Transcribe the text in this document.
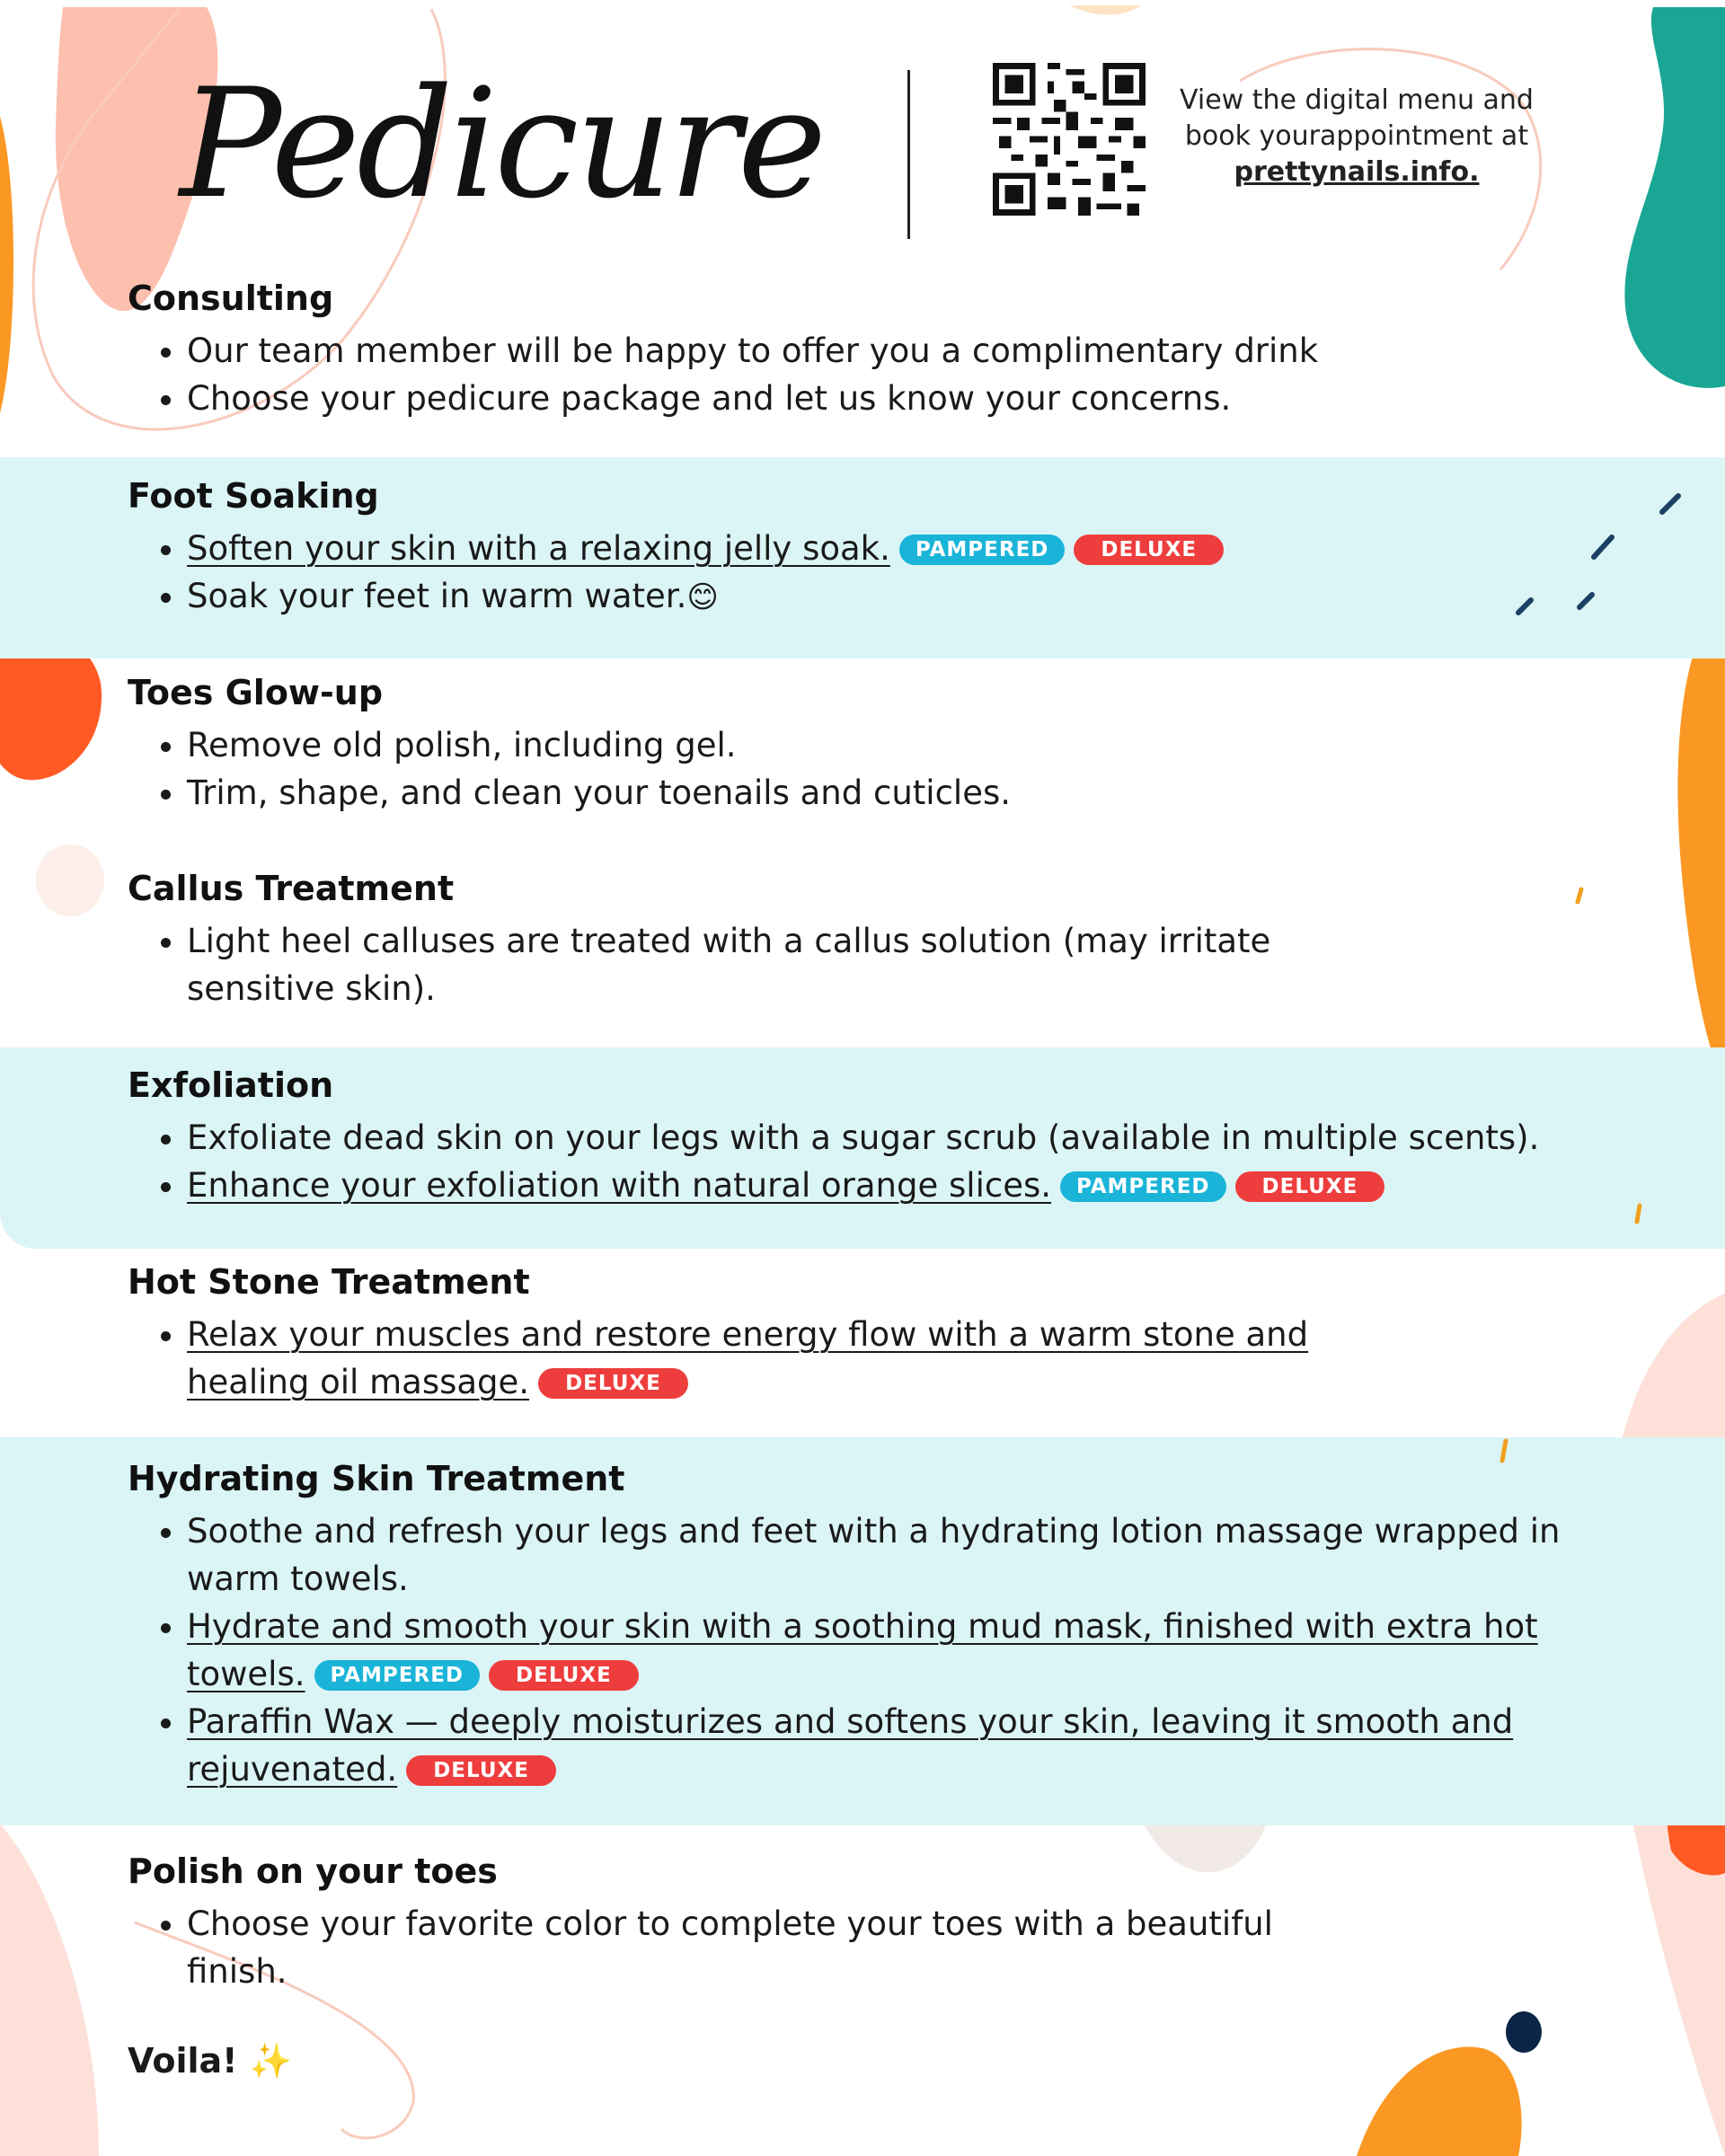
Pedicure	View the digital menu and
book yourappointment at
prettynails.info.
Consulting
• Our team member will be happy to offer you a complimentary drink
• Choose your pedicure package and let us know your concerns.
Foot Soaking
• Soften your skin with a relaxing jelly soak. PAMPERED	DELUXE
• Soak your feet in warm water.😊
Toes Glow-up
• Remove old polish, including gel.
• Trim, shape, and clean your toenails and cuticles.
Callus Treatment
• Light heel calluses are treated with a callus solution (may irritate sensitive skin).
Exfoliation
• Exfoliate dead skin on your legs with a sugar scrub (available in multiple scents).
• Enhance your exfoliation with natural orange slices. PAMPERED	DELUXE
Hot Stone Treatment
• Relax your muscles and restore energy flow with a warm stone and healing oil massage. DELUXE
Hydrating Skin Treatment
• Soothe and refresh your legs and feet with a hydrating lotion massage wrapped in warm towels.
• Hydrate and smooth your skin with a soothing mud mask, finished with extra hot towels. PAMPERED	DELUXE
• Paraffin Wax — deeply moisturizes and softens your skin, leaving it smooth and rejuvenated. DELUXE
Polish on your toes
• Choose your favorite color to complete your toes with a beautiful finish.

Voila! ✨
